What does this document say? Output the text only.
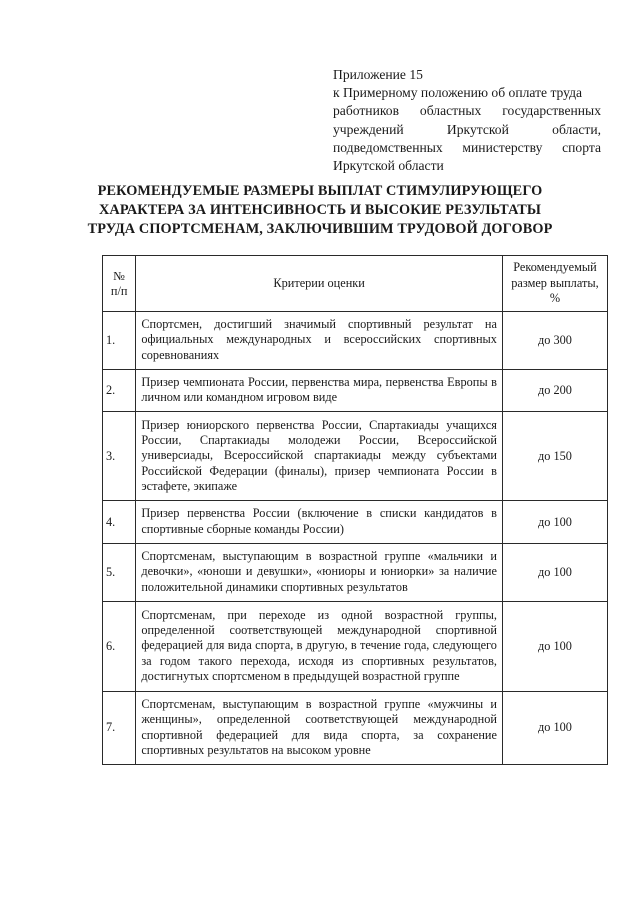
Приложение 15
к Примерному положению об оплате труда
работников областных государственных
учреждений Иркутской области,
подведомственных министерству спорта
Иркутской области
РЕКОМЕНДУЕМЫЕ РАЗМЕРЫ ВЫПЛАТ СТИМУЛИРУЮЩЕГО
ХАРАКТЕРА ЗА ИНТЕНСИВНОСТЬ И ВЫСОКИЕ РЕЗУЛЬТАТЫ
ТРУДА СПОРТСМЕНАМ, ЗАКЛЮЧИВШИМ ТРУДОВОЙ ДОГОВОР
№
п/п	Критерии оценки	Рекомендуемый
размер выплаты,
%
1.	Спортсмен, достигший значимый спортивный результат на официальных международных и всероссийских спортивных соревнованиях	до 300
2.	Призер чемпионата России, первенства мира, первенства Европы в личном или командном игровом виде	до 200
3.	Призер юниорского первенства России, Спартакиады учащихся России, Спартакиады молодежи России, Всероссийской универсиады, Всероссийской спартакиады между субъектами Российской Федерации (финалы), призер чемпионата России в эстафете, экипаже	до 150
4.	Призер первенства России (включение в списки кандидатов в спортивные сборные команды России)	до 100
5.	Спортсменам, выступающим в возрастной группе «мальчики и девочки», «юноши и девушки», «юниоры и юниорки» за наличие положительной динамики спортивных результатов	до 100
6.	Спортсменам, при переходе из одной возрастной группы, определенной соответствующей международной спортивной федерацией для вида спорта, в другую, в течение года, следующего за годом такого перехода, исходя из спортивных результатов, достигнутых спортсменом в предыдущей возрастной группе	до 100
7.	Спортсменам, выступающим в возрастной группе «мужчины и женщины», определенной соответствующей международной спортивной федерацией для вида спорта, за сохранение спортивных результатов на высоком уровне	до 100
